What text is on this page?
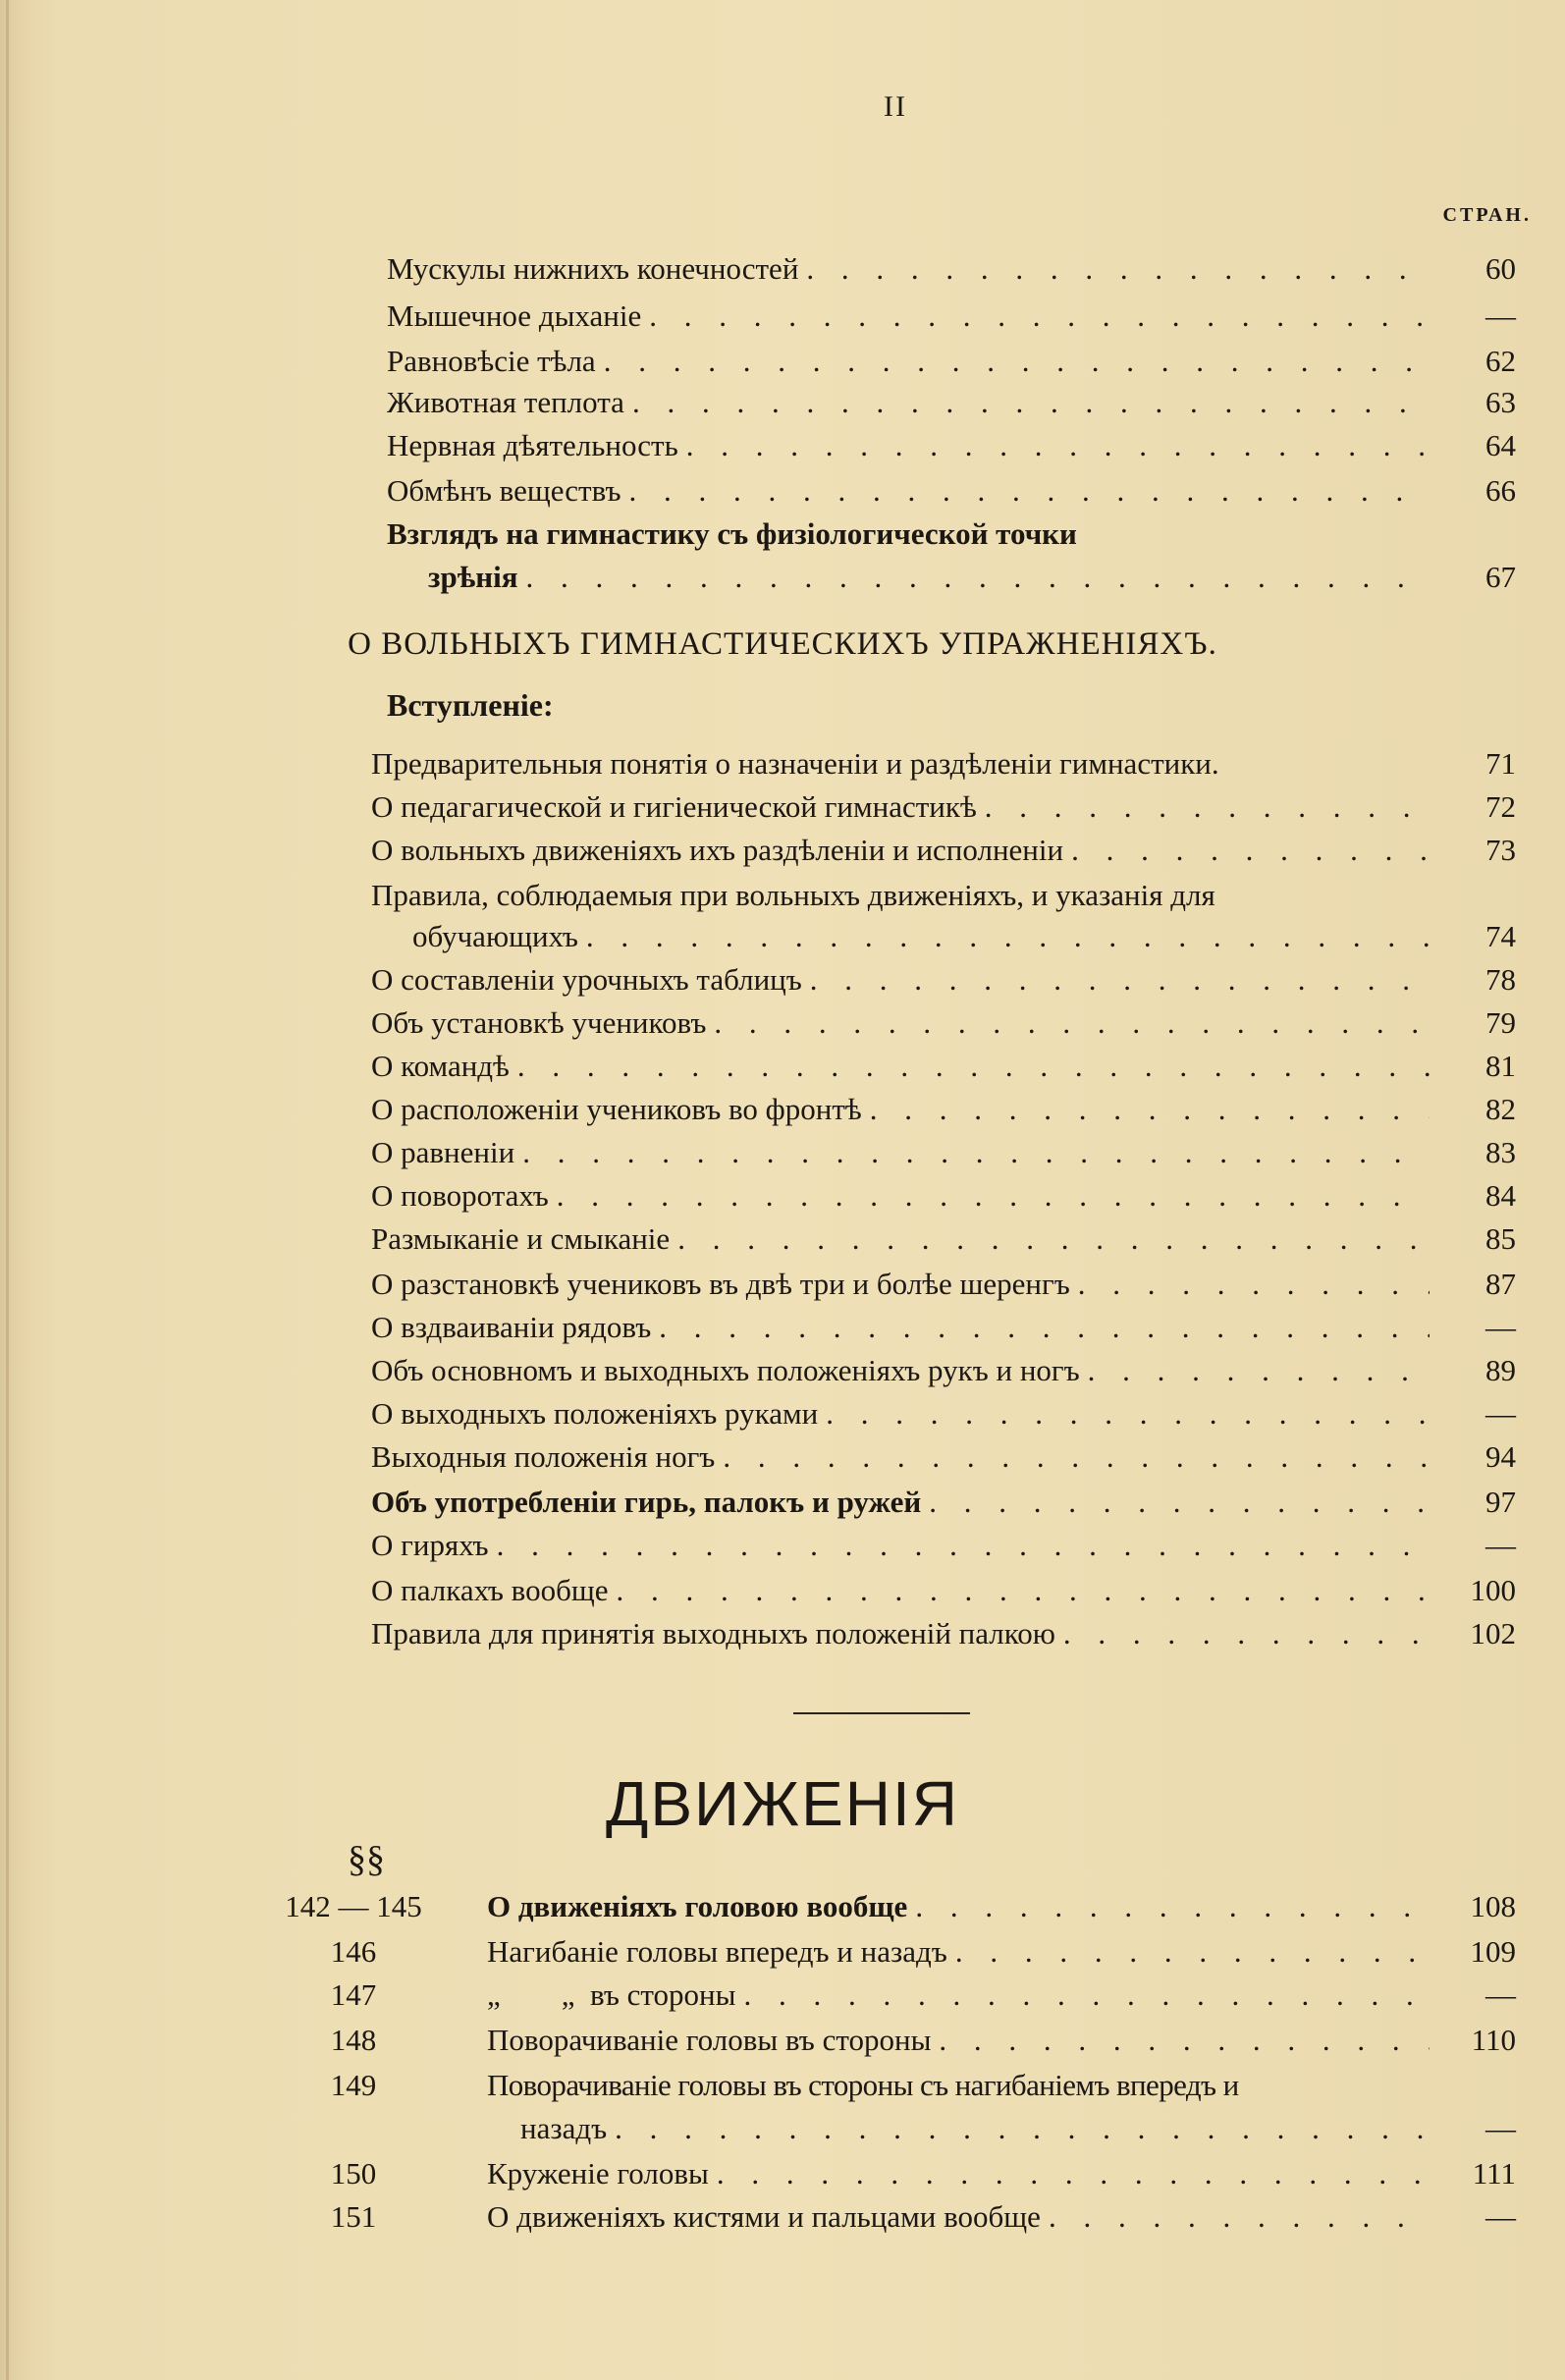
II
СТРАН.
Мускулы нижнихъ конечностей . . .	60
Мышечное дыханіе . . .	—
Равновѣсіе тѣла . . .	62
Животная теплота . . .	63
Нервная дѣятельность . . .	64
Обмѣнъ веществъ . . .	66
Взглядъ на гимнастику съ физіологической точки
зрѣнія . . .	67
О ВОЛЬНЫХЪ ГИМНАСТИЧЕСКИХЪ УПРАЖНЕНІЯХЪ.
Вступленіе:
Предварительныя понятія о назначеніи и раздѣленіи гимнастики.	71
О педагагической и гигіенической гимнастикѣ . . .	72
О вольныхъ движеніяхъ ихъ раздѣленіи и исполненіи . . .	73
Правила, соблюдаемыя при вольныхъ движеніяхъ, и указанія для
обучающихъ . . .	74
О составленіи урочныхъ таблицъ . . .	78
Объ установкѣ учениковъ . . .	79
О командѣ . . .	81
О расположеніи учениковъ во фронтѣ . . .	82
О равненіи . . .	83
О поворотахъ . . .	84
Размыканіе и смыканіе . . .	85
О разстановкѣ учениковъ въ двѣ три и болѣе шеренгъ . . .	87
О вздваиваніи рядовъ . . .	—
Объ основномъ и выходныхъ положеніяхъ рукъ и ногъ . . .	89
О выходныхъ положеніяхъ руками . . .	—
Выходныя положенія ногъ . . .	94
Объ употребленіи гирь, палокъ и ружей . . .	97
О гиряхъ . . .	—
О палкахъ вообще . . .	100
Правила для принятія выходныхъ положеній палкою . . .	102
ДВИЖЕНІЯ
§§
142 — 145	О движеніяхъ головою вообще . . .	108
146	Нагибаніе головы впередъ и назадъ . . .	109
147	„        „  въ стороны . . .	—
148	Поворачиваніе головы въ стороны . . .	110
149	Поворачиваніе головы въ стороны съ нагибаніемъ впередъ и
назадъ . . .	—
150	Круженіе головы . . .	111
151	О движеніяхъ кистями и пальцами вообще . . .	—
